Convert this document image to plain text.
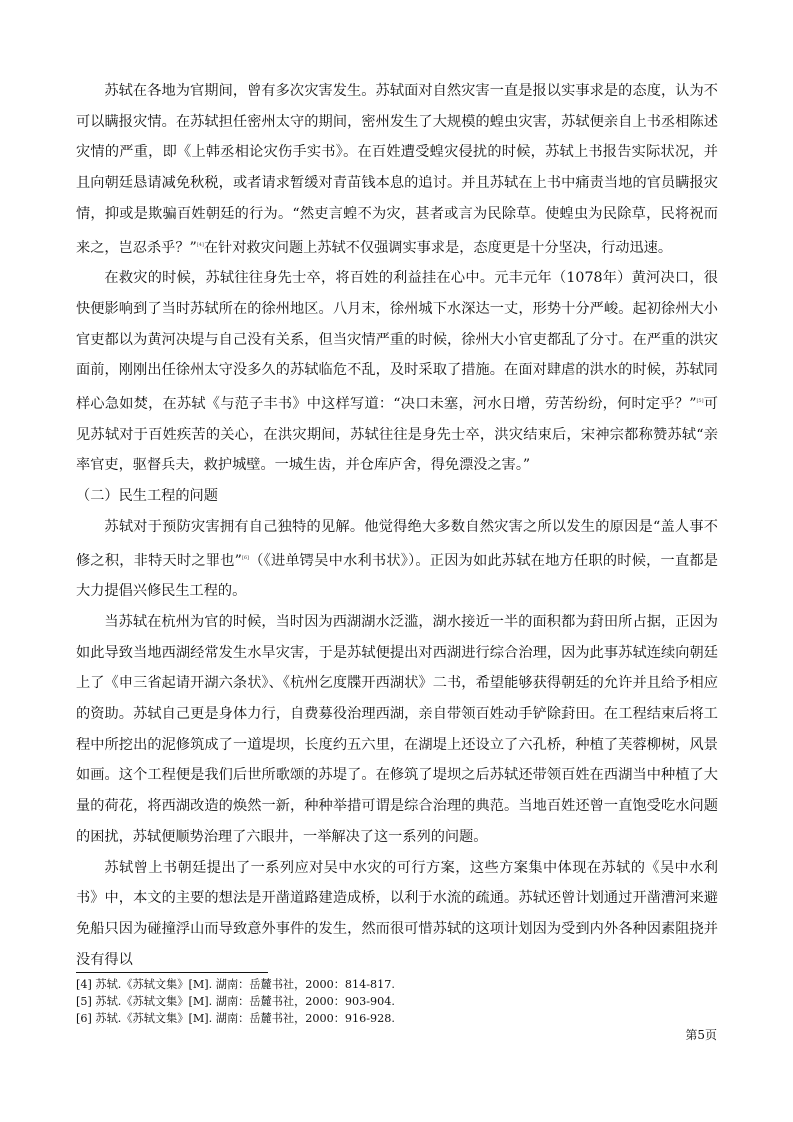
苏轼在各地为官期间，曾有多次灾害发生。苏轼面对自然灾害一直是报以实事求是的态度，认为不可以瞒报灾情。在苏轼担任密州太守的期间，密州发生了大规模的蝗虫灾害，苏轼便亲自上书丞相陈述灾情的严重，即《上韩丞相论灾伤手实书》。在百姓遭受蝗灾侵扰的时候，苏轼上书报告实际状况，并且向朝廷恳请减免秋税，或者请求暂缓对青苗钱本息的追讨。并且苏轼在上书中痛责当地的官员瞒报灾情，抑或是欺骗百姓朝廷的行为。“然吏言蝗不为灾，甚者或言为民除草。使蝗虫为民除草，民将祝而来之，岂忍杀乎？”[4]在针对救灾问题上苏轼不仅强调实事求是，态度更是十分坚决，行动迅速。

在救灾的时候，苏轼往往身先士卒，将百姓的利益挂在心中。元丰元年（1078年）黄河决口，很快便影响到了当时苏轼所在的徐州地区。八月末，徐州城下水深达一丈，形势十分严峻。起初徐州大小官吏都以为黄河决堤与自己没有关系，但当灾情严重的时候，徐州大小官吏都乱了分寸。在严重的洪灾面前，刚刚出任徐州太守没多久的苏轼临危不乱，及时采取了措施。在面对肆虐的洪水的时候，苏轼同样心急如焚，在苏轼《与范子丰书》中这样写道：“决口未塞，河水日增，劳苦纷纷，何时定乎？”[5]可见苏轼对于百姓疾苦的关心，在洪灾期间，苏轼往往是身先士卒，洪灾结束后，宋神宗都称赞苏轼“亲率官吏，驱督兵夫，救护城壁。一城生齿，并仓库庐舍，得免漂没之害。”

（二）民生工程的问题

苏轼对于预防灾害拥有自己独特的见解。他觉得绝大多数自然灾害之所以发生的原因是“盖人事不修之积，非特天时之罪也”[6]（《进单锷吴中水利书状》）。正因为如此苏轼在地方任职的时候，一直都是大力提倡兴修民生工程的。

当苏轼在杭州为官的时候，当时因为西湖湖水泛滥，湖水接近一半的面积都为葑田所占据，正因为如此导致当地西湖经常发生水旱灾害，于是苏轼便提出对西湖进行综合治理，因为此事苏轼连续向朝廷上了《申三省起请开湖六条状》、《杭州乞度牒开西湖状》二书，希望能够获得朝廷的允许并且给予相应的资助。苏轼自己更是身体力行，自费募役治理西湖，亲自带领百姓动手铲除葑田。在工程结束后将工程中所挖出的泥修筑成了一道堤坝，长度约五六里，在湖堤上还设立了六孔桥，种植了芙蓉柳树，风景如画。这个工程便是我们后世所歌颂的苏堤了。在修筑了堤坝之后苏轼还带领百姓在西湖当中种植了大量的荷花，将西湖改造的焕然一新，种种举措可谓是综合治理的典范。当地百姓还曾一直饱受吃水问题的困扰，苏轼便顺势治理了六眼井，一举解决了这一系列的问题。

苏轼曾上书朝廷提出了一系列应对吴中水灾的可行方案，这些方案集中体现在苏轼的《吴中水利书》中，本文的主要的想法是开凿道路建造成桥，以利于水流的疏通。苏轼还曾计划通过开凿漕河来避免船只因为碰撞浮山而导致意外事件的发生，然而很可惜苏轼的这项计划因为受到内外各种因素阻挠并没有得以

[4] 苏轼.《苏轼文集》[M]. 湖南：岳麓书社，2000：814-817.

[5] 苏轼.《苏轼文集》[M]. 湖南：岳麓书社，2000：903-904.

[6] 苏轼.《苏轼文集》[M]. 湖南：岳麓书社，2000：916-928.

第5页
